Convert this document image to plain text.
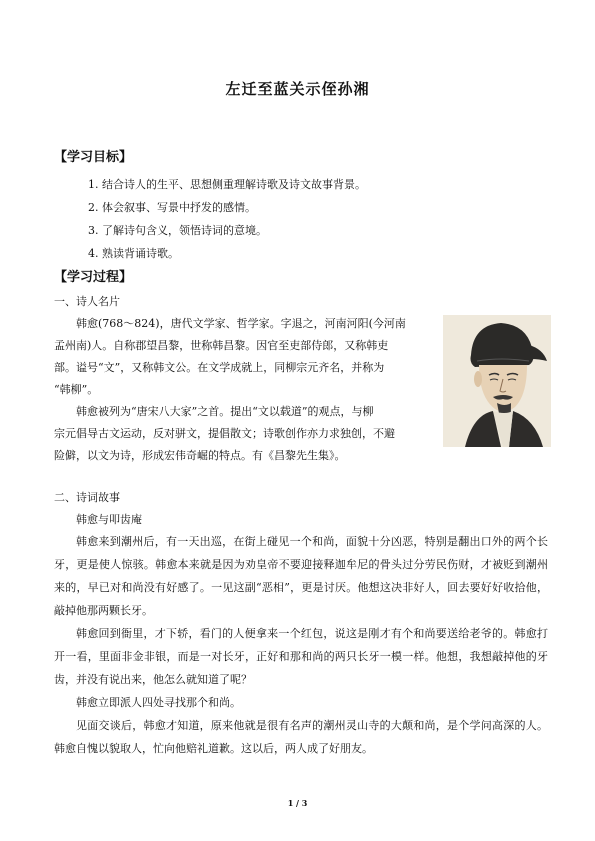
左迁至蓝关示侄孙湘
【学习目标】
1. 结合诗人的生平、思想侧重理解诗歌及诗文故事背景。
2. 体会叙事、写景中抒发的感情。
3. 了解诗句含义，领悟诗词的意境。
4. 熟读背诵诗歌。
【学习过程】
一、诗人名片
韩愈(768～824)，唐代文学家、哲学家。字退之，河南河阳(今河南
孟州南)人。自称郡望昌黎，世称韩昌黎。因官至吏部侍郎，又称韩吏
部。谥号“文”，又称韩文公。在文学成就上，同柳宗元齐名，并称为
“韩柳”。
韩愈被列为“唐宋八大家”之首。提出“文以载道”的观点，与柳
宗元倡导古文运动，反对骈文，提倡散文；诗歌创作亦力求独创，不避
险僻，以文为诗，形成宏伟奇崛的特点。有《昌黎先生集》。
二、诗词故事
韩愈与叩齿庵

韩愈来到潮州后，有一天出巡，在街上碰见一个和尚，面貌十分凶恶，特别是翻出口外的两个长牙，更是使人惊骇。韩愈本来就是因为劝皇帝不要迎接释迦牟尼的骨头过分劳民伤财，才被贬到潮州来的，早已对和尚没有好感了。一见这副“恶相”，更是讨厌。他想这决非好人，回去要好好收拾他，敲掉他那两颗长牙。

韩愈回到衙里，才下轿，看门的人便拿来一个红包，说这是刚才有个和尚要送给老爷的。韩愈打开一看，里面非金非银，而是一对长牙，正好和那和尚的两只长牙一模一样。他想，我想敲掉他的牙齿，并没有说出来，他怎么就知道了呢？

韩愈立即派人四处寻找那个和尚。

见面交谈后，韩愈才知道，原来他就是很有名声的潮州灵山寺的大颠和尚，是个学问高深的人。韩愈自愧以貌取人，忙向他赔礼道歉。这以后，两人成了好朋友。

1 / 3
